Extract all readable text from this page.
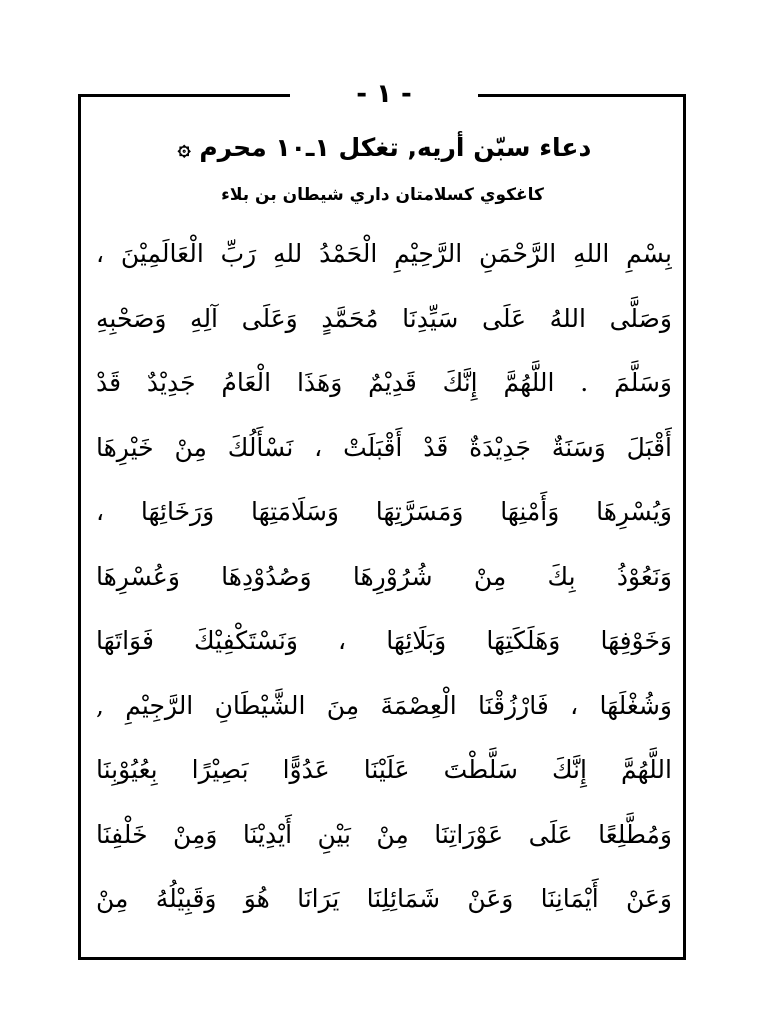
- ١ -
دعاء سبّن أريه, تغكل ١ـ١٠ محرم ۞
كاغكوي كسلامتان داري شيطان بن بلاء
بِسْمِ اللهِ الرَّحْمَنِ الرَّحِيْمِ الْحَمْدُ للهِ رَبِّ الْعَالَمِيْنَ ،
وَصَلَّى اللهُ عَلَى سَيِّدِنَا مُحَمَّدٍ وَعَلَى آلِهِ وَصَحْبِهِ
وَسَلَّمَ . اللَّهُمَّ إِنَّكَ قَدِيْمٌ وَهَذَا الْعَامُ جَدِيْدٌ قَدْ
أَقْبَلَ وَسَنَةٌ جَدِيْدَةٌ قَدْ أَقْبَلَتْ ، نَسْأَلُكَ مِنْ خَيْرِهَا
وَيُسْرِهَا وَأَمْنِهَا وَمَسَرَّتِهَا وَسَلَامَتِهَا وَرَخَائِهَا ،
وَنَعُوْذُ بِكَ مِنْ شُرُوْرِهَا وَصُدُوْدِهَا وَعُسْرِهَا
وَخَوْفِهَا وَهَلَكَتِهَا وَبَلَائِهَا ، وَنَسْتَكْفِيْكَ فَوَاتَهَا
وَشُغْلَهَا ، فَارْزُقْنَا الْعِصْمَةَ مِنَ الشَّيْطَانِ الرَّجِيْمِ ,
اللَّهُمَّ إِنَّكَ سَلَّطْتَ عَلَيْنَا عَدُوًّا بَصِيْرًا بِعُيُوْبِنَا
وَمُطَّلِعًا عَلَى عَوْرَاتِنَا مِنْ بَيْنِ أَيْدِيْنَا وَمِنْ خَلْفِنَا
وَعَنْ أَيْمَانِنَا وَعَنْ شَمَائِلِنَا يَرَانَا هُوَ وَقَبِيْلُهُ مِنْ
